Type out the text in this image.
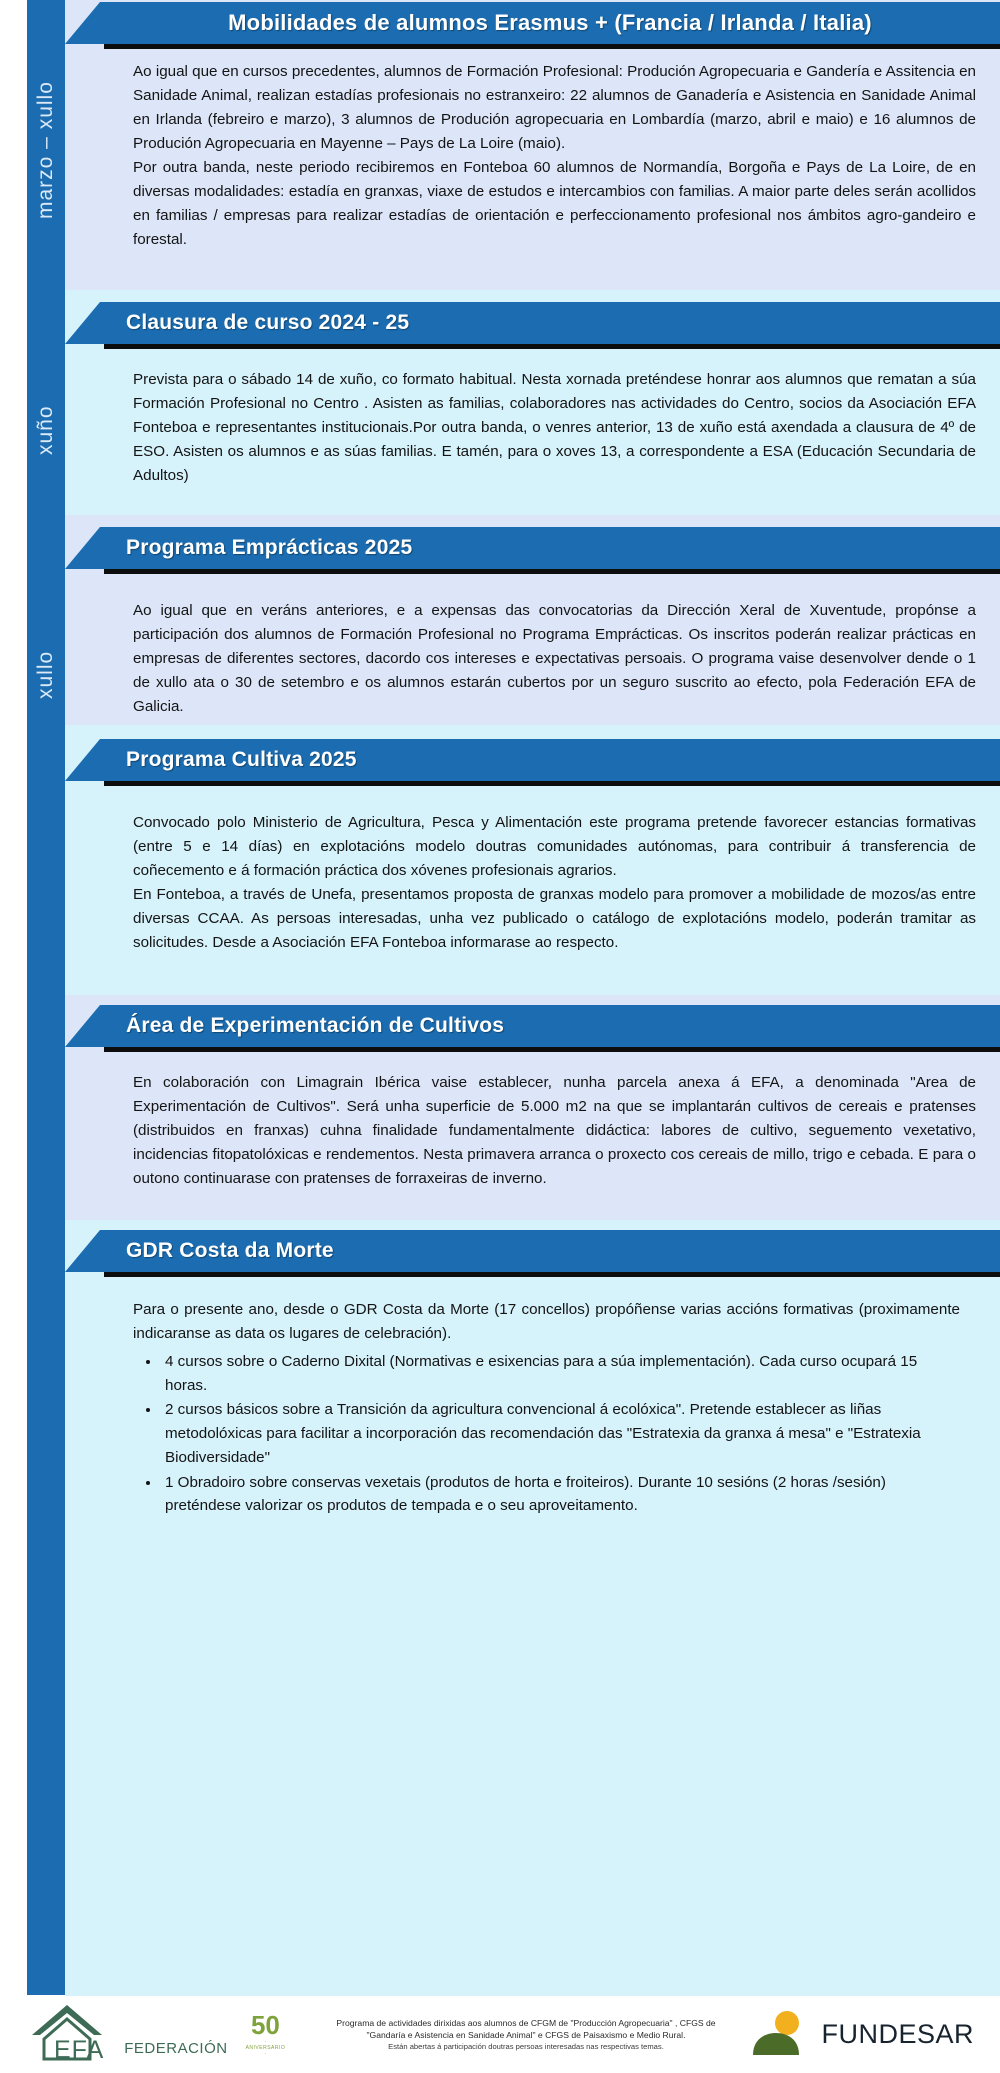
marzo – xullo
xuño
xullo
Mobilidades de alumnos Erasmus + (Francia / Irlanda / Italia)

Ao igual que en cursos precedentes, alumnos de Formación Profesional: Produción Agropecuaria e Gandería e Assitencia en Sanidade Animal, realizan estadías profesionais no estranxeiro: 22 alumnos de Ganadería e Asistencia en Sanidade Animal en Irlanda (febreiro e marzo), 3 alumnos de Produción agropecuaria en Lombardía (marzo, abril e maio) e 16 alumnos de Produción Agropecuaria en Mayenne – Pays de La Loire (maio).

Por outra banda, neste periodo recibiremos en Fonteboa 60 alumnos de Normandía, Borgoña e Pays de La Loire, de en diversas modalidades: estadía en granxas, viaxe de estudos e intercambios con familias. A maior parte deles serán acollidos en familias / empresas para realizar estadías de orientación e perfeccionamento profesional nos ámbitos agro-gandeiro e forestal.

Clausura de curso 2024 - 25

Prevista para o sábado 14 de xuño, co formato habitual. Nesta xornada preténdese honrar aos alumnos que rematan a súa Formación Profesional no Centro . Asisten as familias, colaboradores nas actividades do Centro, socios da Asociación EFA Fonteboa e representantes institucionais.Por outra banda, o venres anterior, 13 de xuño está axendada a clausura de 4º de ESO. Asisten os alumnos e as súas familias. E tamén, para o xoves 13, a correspondente a ESA (Educación Secundaria de Adultos)

Programa Emprácticas 2025

Ao igual que en veráns anteriores, e a expensas das convocatorias da Dirección Xeral de Xuventude, propónse a participación dos alumnos de Formación Profesional no Programa Emprácticas. Os inscritos poderán realizar prácticas en empresas de diferentes sectores, dacordo cos intereses e expectativas persoais. O programa vaise desenvolver dende o 1 de xullo ata o 30 de setembro e os alumnos estarán cubertos por un seguro suscrito ao efecto, pola Federación EFA de Galicia.

Programa Cultiva 2025

Convocado polo Ministerio de Agricultura, Pesca y Alimentación este programa pretende favorecer estancias formativas (entre 5 e 14 días) en explotacións modelo doutras comunidades autónomas, para contribuir á transferencia de coñecemento e á formación práctica dos xóvenes profesionais agrarios.

En Fonteboa, a través de Unefa, presentamos proposta de granxas modelo para promover a mobilidade de mozos/as entre diversas CCAA. As persoas interesadas, unha vez publicado o catálogo de explotacións modelo, poderán tramitar as solicitudes. Desde a Asociación EFA Fonteboa informarase ao respecto.

Área de Experimentación de Cultivos

En colaboración con Limagrain Ibérica vaise establecer, nunha parcela anexa á EFA, a denominada "Area de Experimentación de Cultivos". Será unha superficie de 5.000 m2 na que se implantarán cultivos de cereais e pratenses (distribuidos en franxas) cuhna finalidade fundamentalmente didáctica: labores de cultivo, seguemento vexetativo, incidencias fitopatolóxicas e rendementos. Nesta primavera arranca o proxecto cos cereais de millo, trigo e cebada. E para o outono continuarase con pratenses de forraxeiras de inverno.

GDR Costa da Morte

Para o presente ano, desde o GDR Costa da Morte (17 concellos) propóñense varias accións formativas (proximamente indicaranse as data os lugares de celebración).

• 4 cursos sobre o Caderno Dixital (Normativas e esixencias para a súa implementación). Cada curso ocupará 15 horas.
• 2 cursos básicos sobre a Transición da agricultura convencional á ecolóxica". Pretende establecer as liñas metodolóxicas para facilitar a incorporación das recomendación das "Estratexia da granxa á mesa" e "Estratexia Biodiversidade"
• 1 Obradoiro sobre conservas vexetais (produtos de horta e froiteiros). Durante 10 sesións (2 horas /sesión) preténdese valorizar os produtos de tempada e o seu aproveitamento.
EFA FEDERACIÓN
50
· ANIVERSARIO ·
Programa de actividades dirixidas aos alumnos de CFGM de "Producción Agropecuaria" , CFGS de "Gandaría e Asistencia en Sanidade Animal" e CFGS de Paisaxismo e Medio Rural.
Están abertas á participación doutras persoas interesadas nas respectivas temas.	FUNDESAR
